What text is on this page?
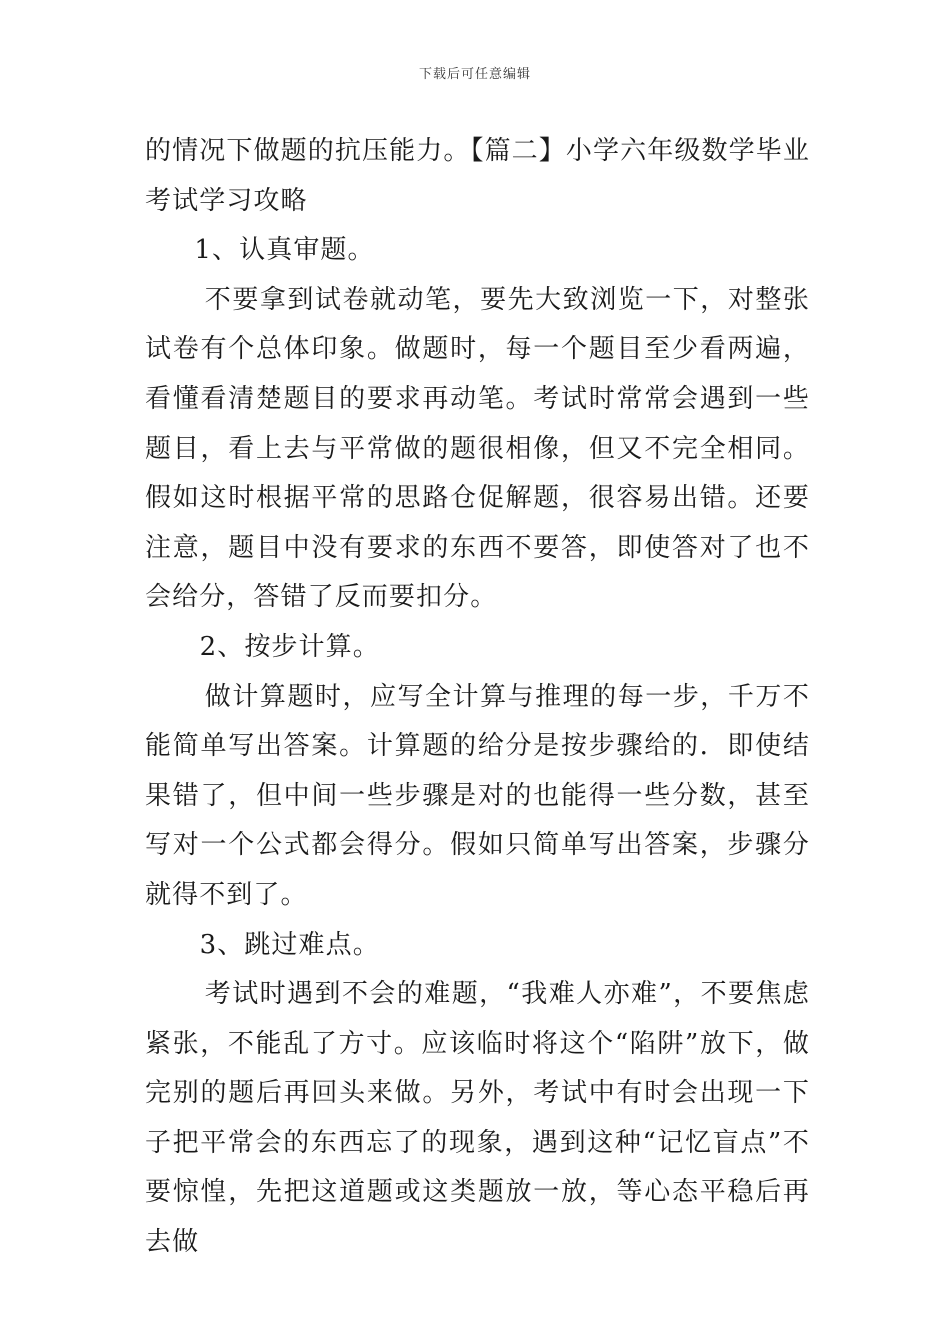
下载后可任意编辑

的情况下做题的抗压能力。【篇二】小学六年级数学毕业考试学习攻略

1、认真审题。

不要拿到试卷就动笔，要先大致浏览一下，对整张试卷有个总体印象。做题时，每一个题目至少看两遍，看懂看清楚题目的要求再动笔。考试时常常会遇到一些题目，看上去与平常做的题很相像，但又不完全相同。假如这时根据平常的思路仓促解题，很容易出错。还要注意，题目中没有要求的东西不要答，即使答对了也不会给分，答错了反而要扣分。

2、按步计算。

做计算题时，应写全计算与推理的每一步，千万不能简单写出答案。计算题的给分是按步骤给的．即使结果错了，但中间一些步骤是对的也能得一些分数，甚至写对一个公式都会得分。假如只简单写出答案，步骤分就得不到了。

3、跳过难点。

考试时遇到不会的难题，“我难人亦难”，不要焦虑紧张，不能乱了方寸。应该临时将这个“陷阱”放下，做完别的题后再回头来做。另外，考试中有时会出现一下子把平常会的东西忘了的现象，遇到这种“记忆盲点”不要惊惶，先把这道题或这类题放一放，等心态平稳后再去做
